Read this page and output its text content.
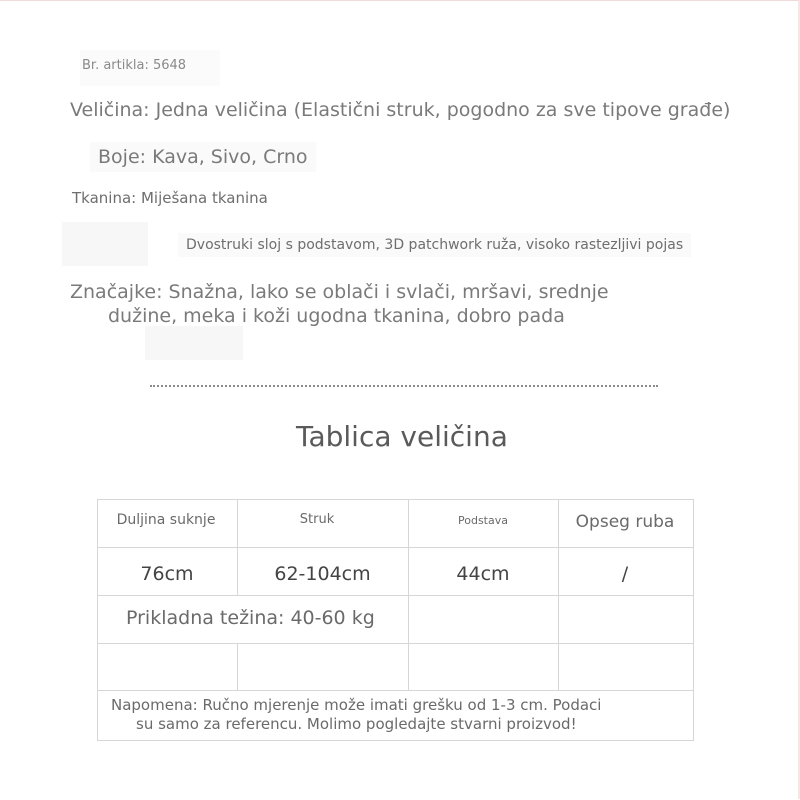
Br. artikla: 5648
Veličina: Jedna veličina (Elastični struk, pogodno za sve tipove građe)
Boje: Kava, Sivo, Crno
Tkanina: Miješana tkanina
Dvostruki sloj s podstavom, 3D patchwork ruža, visoko rastezljivi pojas
Značajke: Snažna, lako se oblači i svlači, mršavi, srednje
dužine, meka i koži ugodna tkanina, dobro pada
Tablica veličina
Duljina suknje	Struk	Podstava	Opseg ruba
76cm	62-104cm	44cm	/
Prikladna težina: 40-60 kg
Napomena: Ručno mjerenje može imati grešku od 1-3 cm. Podaci
su samo za referencu. Molimo pogledajte stvarni proizvod!
